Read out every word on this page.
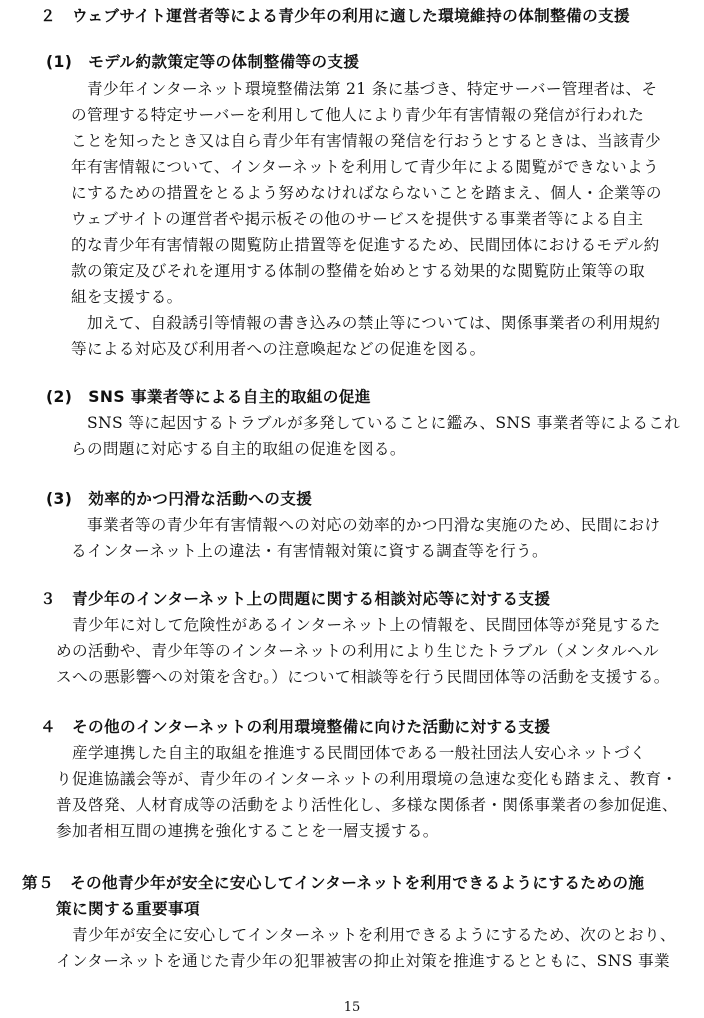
２　ウェブサイト運営者等による青少年の利用に適した環境維持の体制整備の支援
(1)　モデル約款策定等の体制整備等の支援
青少年インターネット環境整備法第 21 条に基づき、特定サーバー管理者は、そ
の管理する特定サーバーを利用して他人により青少年有害情報の発信が行われた
ことを知ったとき又は自ら青少年有害情報の発信を行おうとするときは、当該青少
年有害情報について、インターネットを利用して青少年による閲覧ができないよう
にするための措置をとるよう努めなければならないことを踏まえ、個人・企業等の
ウェブサイトの運営者や掲示板その他のサービスを提供する事業者等による自主
的な青少年有害情報の閲覧防止措置等を促進するため、民間団体におけるモデル約
款の策定及びそれを運用する体制の整備を始めとする効果的な閲覧防止策等の取
組を支援する。
加えて、自殺誘引等情報の書き込みの禁止等については、関係事業者の利用規約
等による対応及び利用者への注意喚起などの促進を図る。
(2)　SNS 事業者等による自主的取組の促進
SNS 等に起因するトラブルが多発していることに鑑み、SNS 事業者等によるこれ
らの問題に対応する自主的取組の促進を図る。
(3)　効率的かつ円滑な活動への支援
事業者等の青少年有害情報への対応の効率的かつ円滑な実施のため、民間におけ
るインターネット上の違法・有害情報対策に資する調査等を行う。
３　青少年のインターネット上の問題に関する相談対応等に対する支援
青少年に対して危険性があるインターネット上の情報を、民間団体等が発見するた
めの活動や、青少年等のインターネットの利用により生じたトラブル（メンタルヘル
スへの悪影響への対策を含む。）について相談等を行う民間団体等の活動を支援する。
４　その他のインターネットの利用環境整備に向けた活動に対する支援
産学連携した自主的取組を推進する民間団体である一般社団法人安心ネットづく
り促進協議会等が、青少年のインターネットの利用環境の急速な変化も踏まえ、教育・
普及啓発、人材育成等の活動をより活性化し、多様な関係者・関係事業者の参加促進、
参加者相互間の連携を強化することを一層支援する。
第５　その他青少年が安全に安心してインターネットを利用できるようにするための施
策に関する重要事項
青少年が安全に安心してインターネットを利用できるようにするため、次のとおり、
インターネットを通じた青少年の犯罪被害の抑止対策を推進するとともに、SNS 事業
15
